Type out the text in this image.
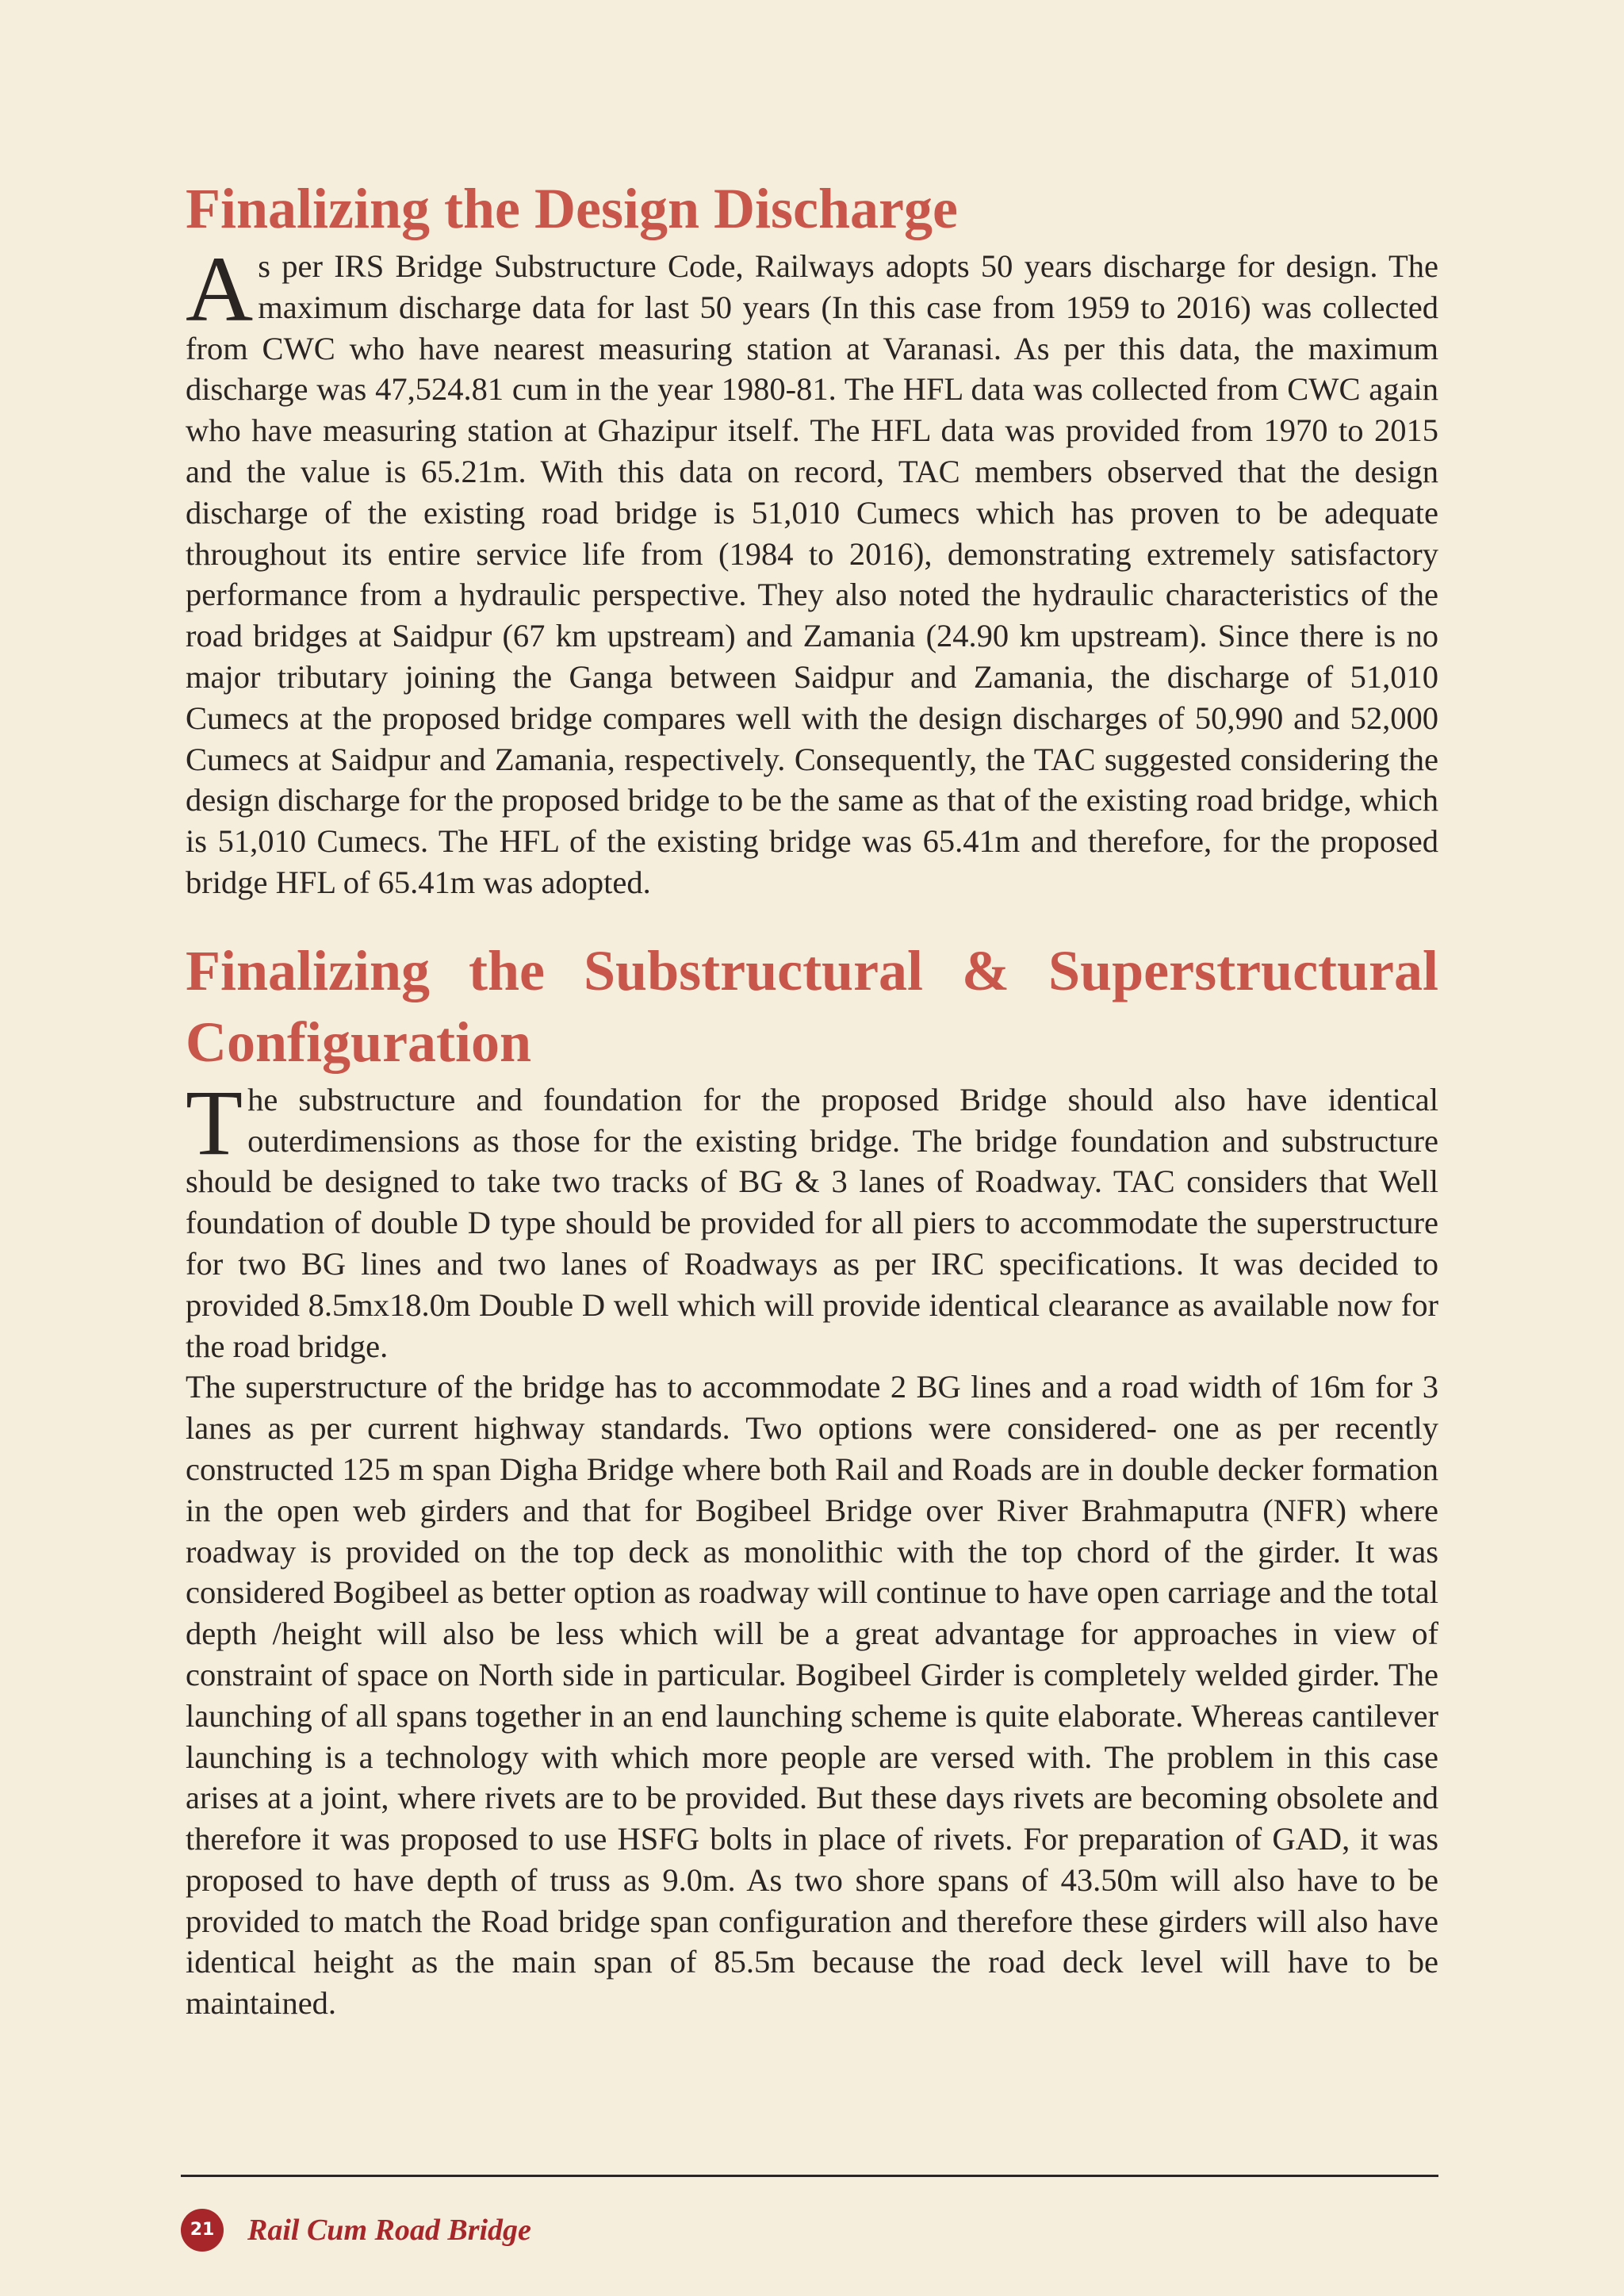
Finalizing the Design Discharge

As per IRS Bridge Substructure Code, Railways adopts 50 years discharge for design. The maximum discharge data for last 50 years (In this case from 1959 to 2016) was collected from CWC who have nearest measuring station at Varanasi. As per this data, the maximum discharge was 47,524.81 cum in the year 1980-81. The HFL data was collected from CWC again who have measuring station at Ghazipur itself. The HFL data was provided from 1970 to 2015 and the value is 65.21m. With this data on record, TAC members observed that the design discharge of the existing road bridge is 51,010 Cumecs which has proven to be adequate throughout its entire service life from (1984 to 2016), demonstrating extremely satisfactory performance from a hydraulic perspective. They also noted the hydraulic characteristics of the road bridges at Saidpur (67 km upstream) and Zamania (24.90 km upstream). Since there is no major tributary joining the Ganga between Saidpur and Zamania, the discharge of 51,010 Cumecs at the proposed bridge compares well with the design discharges of 50,990 and 52,000 Cumecs at Saidpur and Zamania, respectively. Consequently, the TAC suggested considering the design discharge for the proposed bridge to be the same as that of the existing road bridge, which is 51,010 Cumecs. The HFL of the existing bridge was 65.41m and therefore, for the proposed bridge HFL of 65.41m was adopted.

Finalizing the Substructural & Superstructural Configuration

The substructure and foundation for the proposed Bridge should also have identical outerdimensions as those for the existing bridge. The bridge foundation and substructure should be designed to take two tracks of BG & 3 lanes of Roadway. TAC considers that Well foundation of double D type should be provided for all piers to accommodate the superstructure for two BG lines and two lanes of Roadways as per IRC specifications. It was decided to provided 8.5mx18.0m Double D well which will provide identical clearance as available now for the road bridge.

The superstructure of the bridge has to accommodate 2 BG lines and a road width of 16m for 3 lanes as per current highway standards. Two options were considered- one as per recently constructed 125 m span Digha Bridge where both Rail and Roads are in double decker formation in the open web girders and that for Bogibeel Bridge over River Brahmaputra (NFR) where roadway is provided on the top deck as monolithic with the top chord of the girder. It was considered Bogibeel as better option as roadway will continue to have open carriage and the total depth /height will also be less which will be a great advantage for approaches in view of constraint of space on North side in particular. Bogibeel Girder is completely welded girder. The launching of all spans together in an end launching scheme is quite elaborate. Whereas cantilever launching is a technology with which more people are versed with. The problem in this case arises at a joint, where rivets are to be provided. But these days rivets are becoming obsolete and therefore it was proposed to use HSFG bolts in place of rivets. For preparation of GAD, it was proposed to have depth of truss as 9.0m. As two shore spans of 43.50m will also have to be provided to match the Road bridge span configuration and therefore these girders will also have identical height as the main span of 85.5m because the road deck level will have to be maintained.

21	Rail Cum Road Bridge
